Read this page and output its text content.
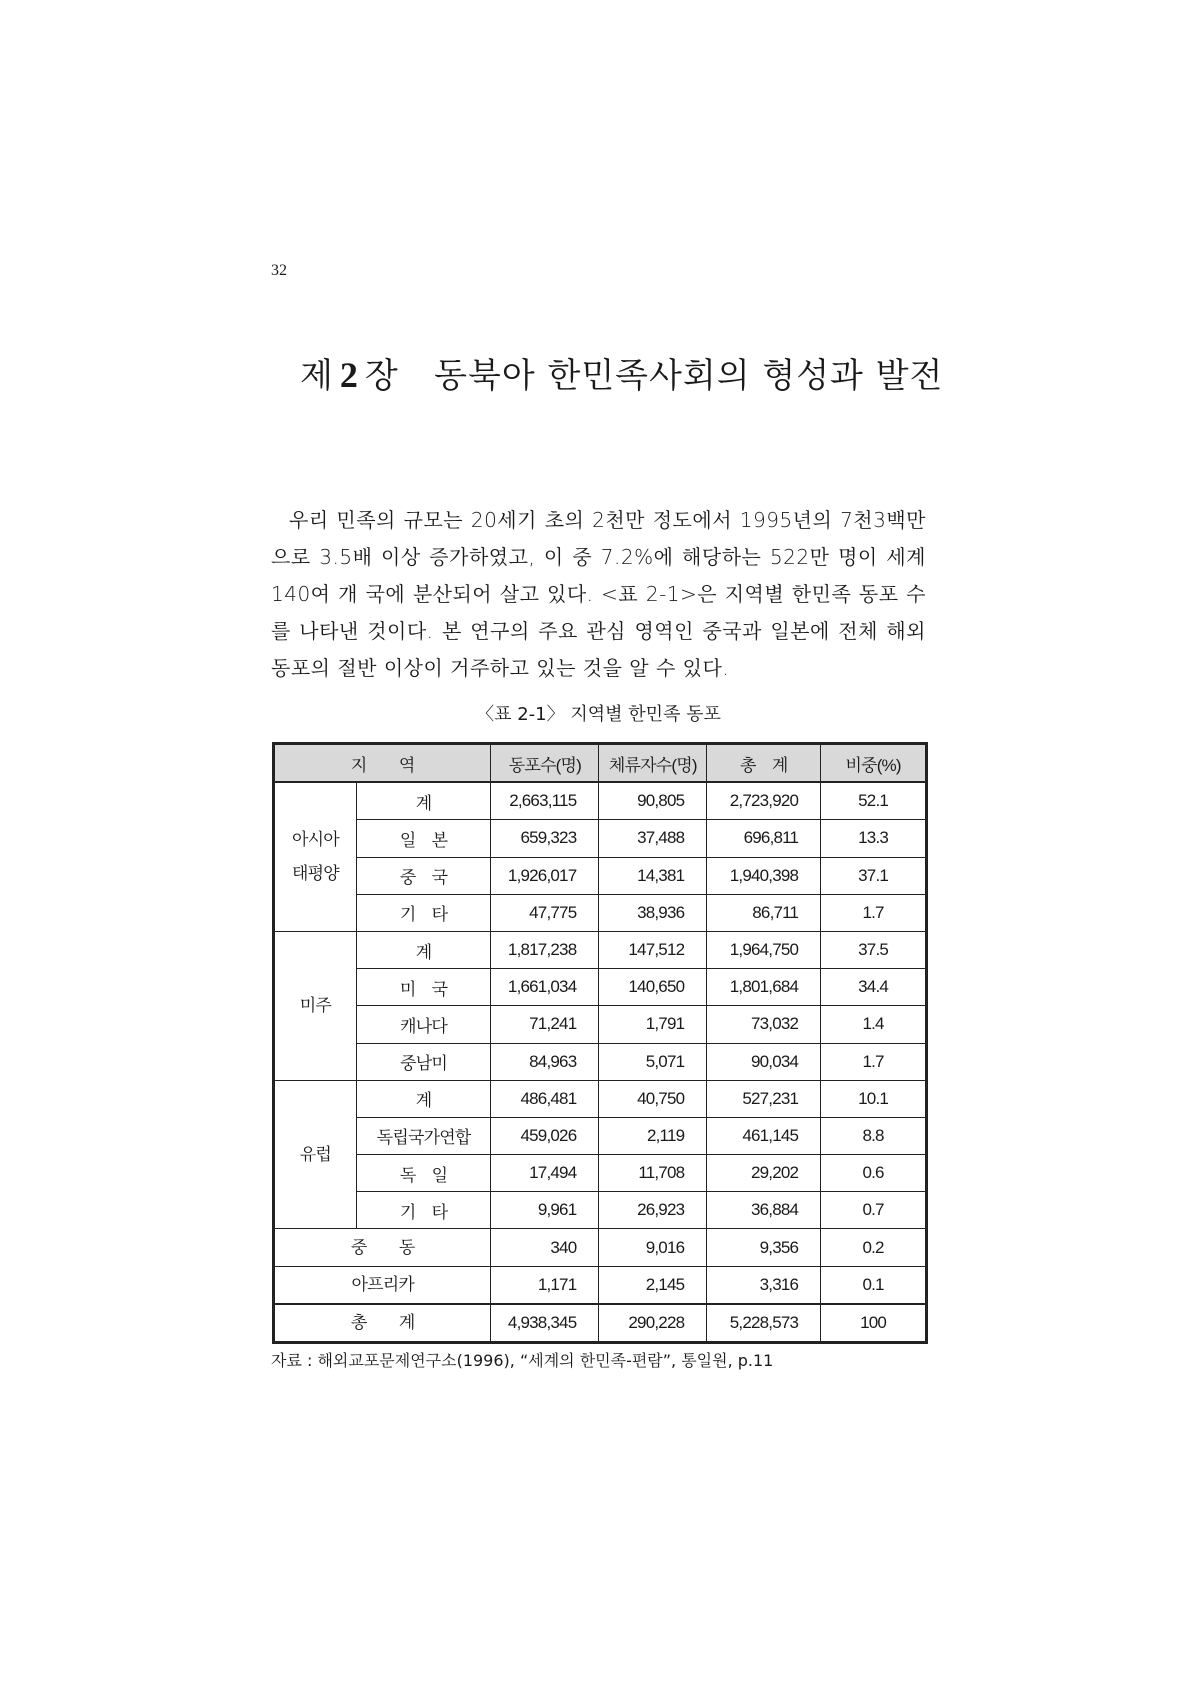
32
제 2 장 동북아 한민족사회의 형성과 발전

우리 민족의 규모는 20세기 초의 2천만 정도에서 1995년의 7천3백만으로 3.5배 이상 증가하였고, 이 중 7.2%에 해당하는 522만 명이 세계 140여 개 국에 분산되어 살고 있다. <표 2-1>은 지역별 한민족 동포 수를 나타낸 것이다. 본 연구의 주요 관심 영역인 중국과 일본에 전체 해외동포의 절반 이상이 거주하고 있는 것을 알 수 있다.

〈표 2-1〉 지역별 한민족 동포
지　　역		동포수(명)	체류자수(명)	총　계	비중(%)
아시아
태평양	계	2,663,115	90,805	2,723,920	52.1
	일　본	659,323	37,488	696,811	13.3
	중　국	1,926,017	14,381	1,940,398	37.1
	기　타	47,775	38,936	86,711	1.7
미주	계	1,817,238	147,512	1,964,750	37.5
	미　국	1,661,034	140,650	1,801,684	34.4
	캐나다	71,241	1,791	73,032	1.4
	중남미	84,963	5,071	90,034	1.7
유럽	계	486,481	40,750	527,231	10.1
	독립국가연합	459,026	2,119	461,145	8.8
	독　일	17,494	11,708	29,202	0.6
	기　타	9,961	26,923	36,884	0.7
중　　동		340	9,016	9,356	0.2
아프리카		1,171	2,145	3,316	0.1
총　　계		4,938,345	290,228	5,228,573	100
자료 : 해외교포문제연구소(1996), “세계의 한민족-편람”, 통일원, p.11
